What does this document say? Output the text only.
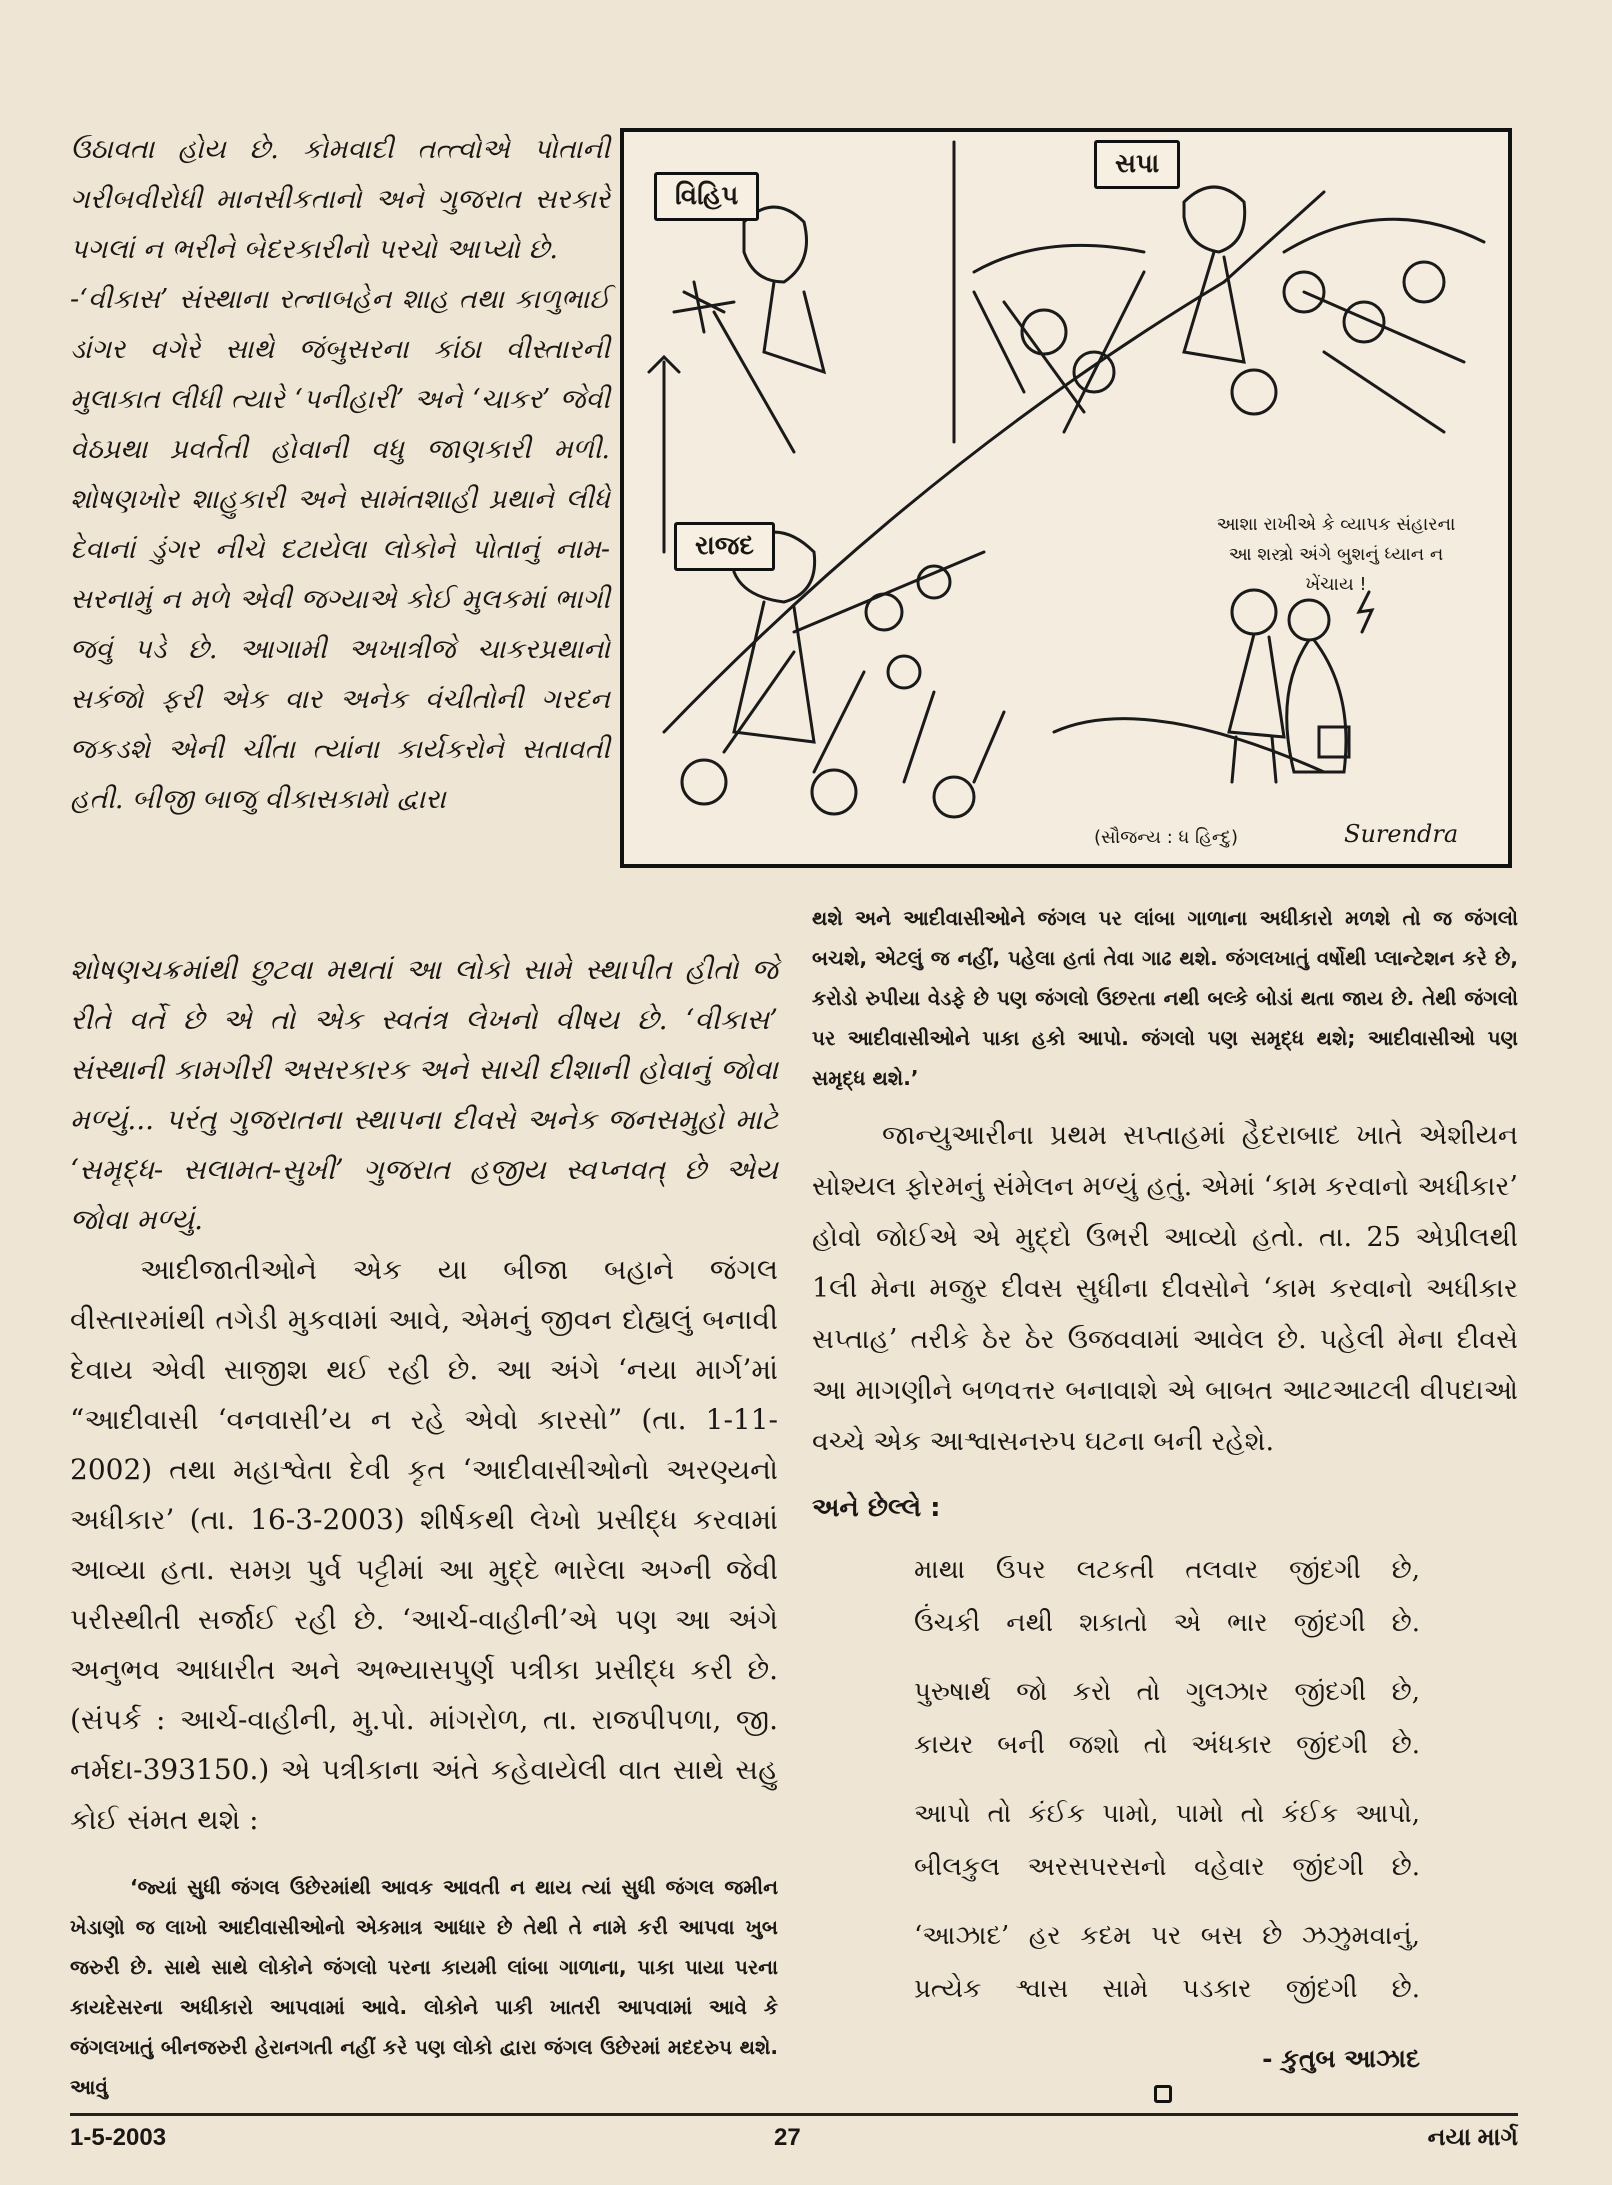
ઉઠાવતા હોય છે. કોમવાદી તત્ત્વોએ પોતાની ગરીબવીરોધી માનસીકતાનો અને ગુજરાત સરકારે પગલાં ન ભરીને બેદરકારીનો પરચો આપ્યો છે.

-‘વીકાસ’ સંસ્થાના રત્નાબહેન શાહ તથા કાળુભાઈ ડાંગર વગેરે સાથે જંબુસરના કાંઠા વીસ્તારની મુલાકાત લીધી ત્યારે ‘પનીહારી’ અને ‘ચાકર’ જેવી વેઠપ્રથા પ્રવર્તતી હોવાની વધુ જાણકારી મળી. શોષણખોર શાહુકારી અને સામંતશાહી પ્રથાને લીધે દેવાનાં ડુંગર નીચે દટાયેલા લોકોને પોતાનું નામ-સરનામું ન મળે એવી જગ્યાએ કોઈ મુલકમાં ભાગી જવું પડે છે. આગામી અખાત્રીજે ચાકરપ્રથાનો સકંજો ફરી એક વાર અનેક વંચીતોની ગરદન જકડશે એની ચીંતા ત્યાંના કાર્યકરોને સતાવતી હતી. બીજી બાજુ વીકાસકામો દ્વારા

વિહિપ
સપા
રાજદ
આશા રાખીએ કે વ્યાપક સંહારના આ શસ્ત્રો અંગે બુશનું ધ્યાન ન ખેંચાય !
(સૌજન્ય : ધ હિન્દુ)	Surendra

શોષણચક્રમાંથી છુટવા મથતાં આ લોકો સામે સ્થાપીત હીતો જે રીતે વર્તે છે એ તો એક સ્વતંત્ર લેખનો વીષય છે. ‘વીકાસ’ સંસ્થાની કામગીરી અસરકારક અને સાચી દીશાની હોવાનું જોવા મળ્યું... પરંતુ ગુજરાતના સ્થાપના દીવસે અનેક જનસમુહો માટે ‘સમૃદ્ધ- સલામત-સુખી’ ગુજરાત હજીય સ્વપ્નવત્ છે એય જોવા મળ્યું.

આદીજાતીઓને એક યા બીજા બહાને જંગલ વીસ્તારમાંથી તગેડી મુકવામાં આવે, એમનું જીવન દોહ્યલું બનાવી દેવાય એવી સાજીશ થઈ રહી છે. આ અંગે ‘નયા માર્ગ’માં “આદીવાસી ‘વનવાસી’ય ન રહે એવો કારસો” (તા. 1-11-2002) તથા મહાશ્વેતા દેવી કૃત ‘આદીવાસીઓનો અરણ્યનો અધીકાર’ (તા. 16-3-2003) શીર્ષકથી લેખો પ્રસીદ્ધ કરવામાં આવ્યા હતા. સમગ્ર પુર્વ પટ્ટીમાં આ મુદ્દે ભારેલા અગ્ની જેવી પરીસ્થીતી સર્જાઈ રહી છે. ‘આર્ચ-વાહીની’એ પણ આ અંગે અનુભવ આધારીત અને અભ્યાસપુર્ણ પત્રીકા પ્રસીદ્ધ કરી છે. (સંપર્ક : આર્ચ-વાહીની, મુ.પો. માંગરોળ, તા. રાજપીપળા, જી. નર્મદા-393150.) એ પત્રીકાના અંતે કહેવાયેલી વાત સાથે સહુ કોઈ સંમત થશે :

‘જ્યાં સુધી જંગલ ઉછેરમાંથી આવક આવતી ન થાય ત્યાં સુધી જંગલ જમીન ખેડાણો જ લાખો આદીવાસીઓનો એકમાત્ર આધાર છે તેથી તે નામે કરી આપવા ખુબ જરુરી છે. સાથે સાથે લોકોને જંગલો પરના કાયમી લાંબા ગાળાના, પાકા પાયા પરના કાયદેસરના અધીકારો આપવામાં આવે. લોકોને પાકી ખાતરી આપવામાં આવે કે જંગલખાતું બીનજરુરી હેરાનગતી નહીં કરે પણ લોકો દ્વારા જંગલ ઉછેરમાં મદદરુપ થશે. આવું

થશે અને આદીવાસીઓને જંગલ પર લાંબા ગાળાના અધીકારો મળશે તો જ જંગલો બચશે, એટલું જ નહીં, પહેલા હતાં તેવા ગાઢ થશે. જંગલખાતું વર્ષોથી પ્લાન્ટેશન કરે છે, કરોડો રુપીયા વેડફે છે પણ જંગલો ઉછરતા નથી બલ્કે બોડાં થતા જાય છે. તેથી જંગલો પર આદીવાસીઓને પાકા હકો આપો. જંગલો પણ સમૃદ્ધ થશે; આદીવાસીઓ પણ સમૃદ્ધ થશે.’

જાન્યુઆરીના પ્રથમ સપ્તાહમાં હૈદરાબાદ ખાતે એશીયન સોશ્યલ ફોરમનું સંમેલન મળ્યું હતું. એમાં ‘કામ કરવાનો અધીકાર’ હોવો જોઈએ એ મુદ્દો ઉભરી આવ્યો હતો. તા. 25 એપ્રીલથી 1લી મેના મજુર દીવસ સુધીના દીવસોને ‘કામ કરવાનો અધીકાર સપ્તાહ’ તરીકે ઠેર ઠેર ઉજવવામાં આવેલ છે. પહેલી મેના દીવસે આ માગણીને બળવત્તર બનાવાશે એ બાબત આટઆટલી વીપદાઓ વચ્ચે એક આશ્વાસનરુપ ઘટના બની રહેશે.

અને છેલ્લે :
માથા ઉપર લટકતી તલવાર જીંદગી છે,
ઉંચકી નથી શકાતો એ ભાર જીંદગી છે.
પુરુષાર્થ જો કરો તો ગુલઝાર જીંદગી છે,
કાયર બની જશો તો અંધકાર જીંદગી છે.
આપો તો કંઈક પામો, પામો તો કંઈક આપો,
બીલકુલ અરસપરસનો વહેવાર જીંદગી છે.
‘આઝાદ’ હર કદમ પર બસ છે ઝઝુમવાનું,
પ્રત્યેક શ્વાસ સામે પડકાર જીંદગી છે.
- કુતુબ આઝાદ
1-5-2003	27	નયા માર્ગ
